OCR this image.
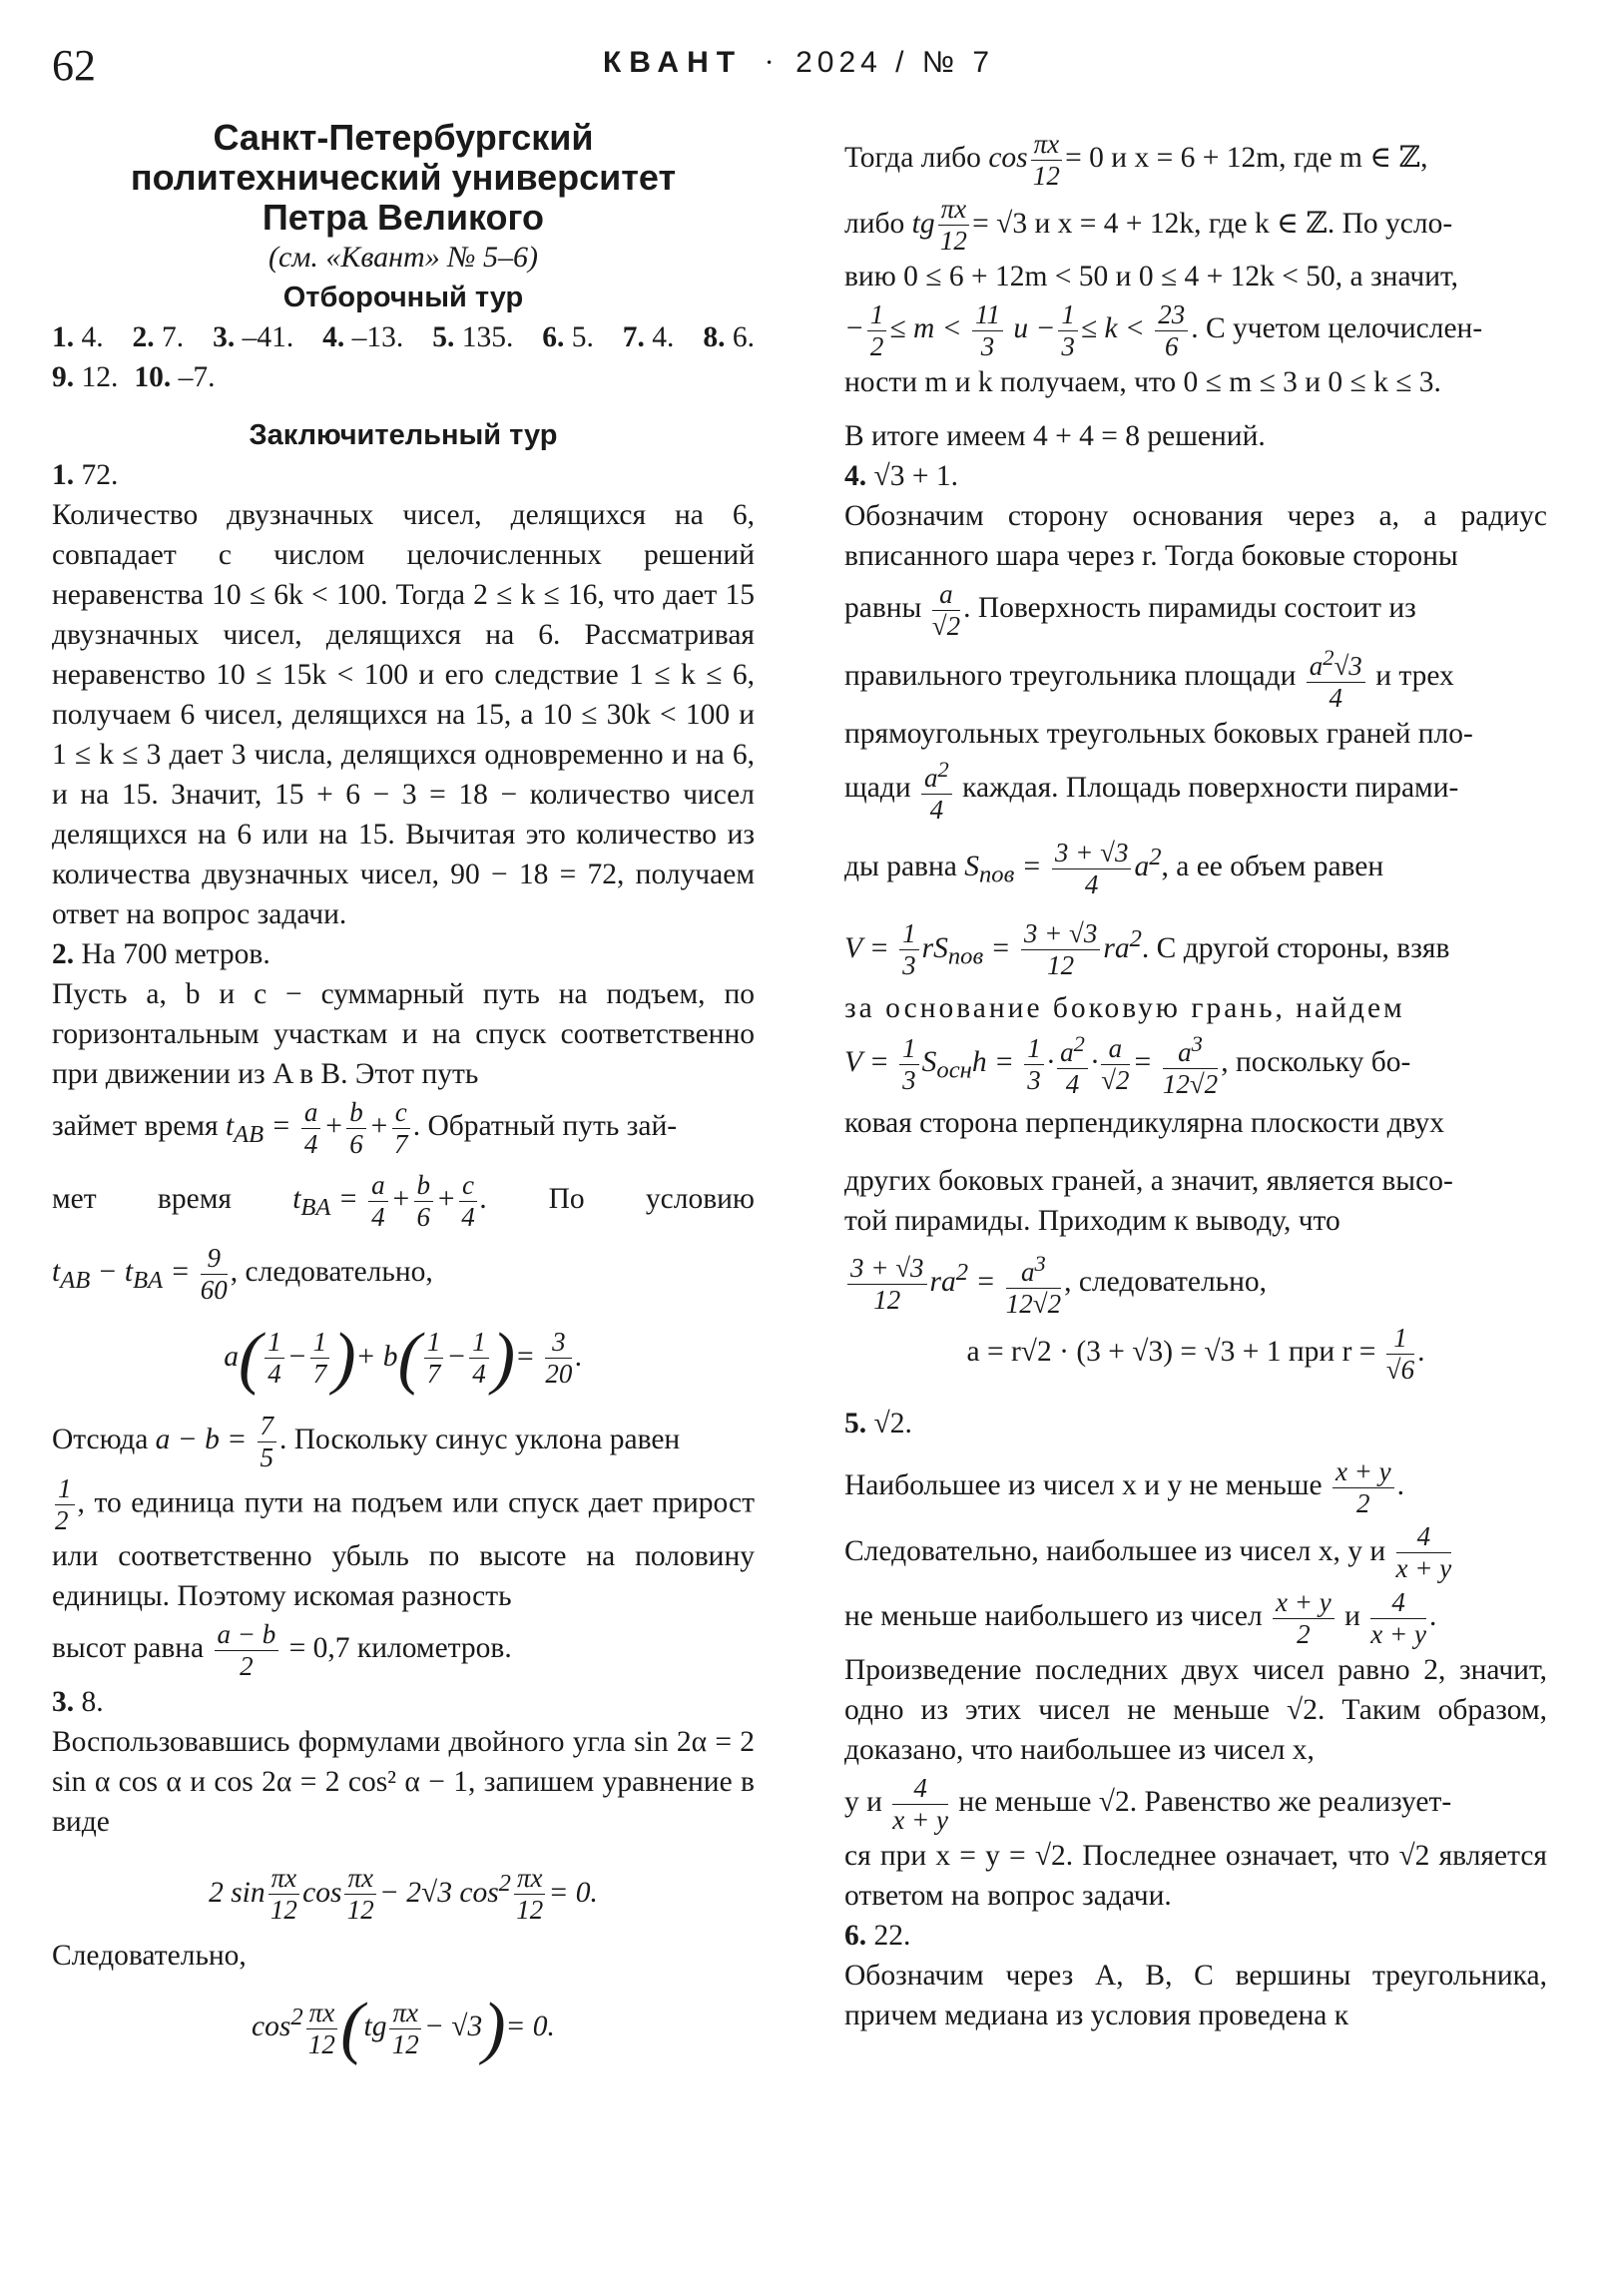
62	КВАНТ · 2024 / № 7

Санкт-Петербургский

политехнический университет

Петра Великого

(см. «Квант» № 5–6)

Отборочный тур

1. 4. 2. 7. 3. –41. 4. –13. 5. 135. 6. 5. 7. 4. 8. 6.

9. 12. 10. –7.

Заключительный тур

1. 72.

Количество двузначных чисел, делящихся на 6, совпадает с числом целочисленных решений неравенства 10 ≤ 6k < 100. Тогда 2 ≤ k ≤ 16, что дает 15 двузначных чисел, делящихся на 6. Рассматривая неравенство 10 ≤ 15k < 100 и его следствие 1 ≤ k ≤ 6, получаем 6 чисел, делящихся на 15, а 10 ≤ 30k < 100 и 1 ≤ k ≤ 3 дает 3 числа, делящихся одновременно и на 6, и на 15. Значит, 15 + 6 − 3 = 18 − количество чисел делящихся на 6 или на 15. Вычитая это количество из количества двузначных чисел, 90 − 18 = 72, получаем ответ на вопрос задачи.

2. На 700 метров.

Пусть a, b и c − суммарный путь на подъем, по горизонтальным участкам и на спуск соответственно при движении из A в B. Этот путь

займет время $t_{AB} = \frac{a}{4} + \frac{b}{6} + \frac{c}{7}$ . Обратный путь зай-

мет время $t_{BA} = \frac{a}{4} + \frac{b}{6} + \frac{c}{4}$ . По условию

$t_{AB} - t_{BA} = \frac{9}{60}$ , следовательно,

$a( \frac{1}{4} - \frac{1}{7}$ )+ $b( \frac{1}{7} - \frac{1}{4}$ )= $\frac{3}{20}$ .

Отсюда $a - b = \frac{7}{5}$ . Поскольку синус уклона равен

$\frac{1}{2}$ , то единица пути на подъем или спуск дает прирост или соответственно убыль по высоте на половину единицы. Поэтому искомая разность

высот равна $\frac{a - b}{2} = 0,7$ километров.

3. 8.

Воспользовавшись формулами двойного угла sin 2α = 2 sin α cos α и cos 2α = 2 cos² α − 1, запишем уравнение в виде

2 $\sin \frac{\pi x}{12}$ $\cos \frac{\pi x}{12} - 2√3$ $\cos^2 \frac{\pi x}{12} = 0$.

Следовательно,

$\cos^2 \frac{\pi x}{12} (tg \frac{\pi x}{12} - √3)= 0$.

Тогда либо $\cos \frac{\pi x}{12} = 0$ и x = 6 + 12m, где m ∈ ℤ,

либо tg $\frac{\pi x}{12} = √3$ и x = 4 + 12k, где k ∈ ℤ. По усло-

вию 0 ≤ 6 + 12m < 50 и 0 ≤ 4 + 12k < 50, а значит,

− $\frac{1}{2} \le m < \frac{11}{3}$ $и - \frac{1}{3} \le k < \frac{23}{6}$ . С учетом целочислен-

ности m и k получаем, что 0 ≤ m ≤ 3 и 0 ≤ k ≤ 3.

В итоге имеем 4 + 4 = 8 решений.

4. √3 + 1.

Обозначим сторону основания через a, а радиус вписанного шара через r. Тогда боковые стороны

равны $\frac{a}{√2}$ . Поверхность пирамиды состоит из

правильного треугольника площади $\frac{a^2√3}{4}$ и трех

прямоугольных треугольных боковых граней пло-

щади $\frac{a^2}{4}$ каждая. Площадь поверхности пирами-

ды равна $S_{пов} = \frac{3 + √3}{4} a^2$, а ее объем равен

$V = \frac{1}{3} rS_{пов} = \frac{3 + √3}{12} ra^2$. С другой стороны, взяв

за основание боковую грань, найдем

$V = \frac{1}{3} S_{осн}h = \frac{1}{3} \cdot \frac{a^2}{4} \cdot \frac{a}{√2} = \frac{a^3}{12√2}$ , поскольку бо-

ковая сторона перпендикулярна плоскости двух

других боковых граней, а значит, является высо-

той пирамиды. Приходим к выводу, что

$\frac{3 + √3}{12} ra^2 = \frac{a^3}{12√2}$ , следовательно,

a = r√2 · (3 + √3) = √3 + 1 при $r = \frac{1}{√6}$ .

5. √2.

Наибольшее из чисел x и y не меньше $\frac{x + y}{2}$ .

Следовательно, наибольшее из чисел x, y и $\frac{4}{x + y}$

не меньше наибольшего из чисел $\frac{x + y}{2}$ и $\frac{4}{x + y}$ .

Произведение последних двух чисел равно 2, значит, одно из этих чисел не меньше √2. Таким образом, доказано, что наибольшее из чисел x,

y и $\frac{4}{x + y}$ не меньше √2. Равенство же реализует-

ся при x = y = √2. Последнее означает, что √2 является ответом на вопрос задачи.

6. 22.

Обозначим через A, B, C вершины треугольника, причем медиана из условия проведена к
